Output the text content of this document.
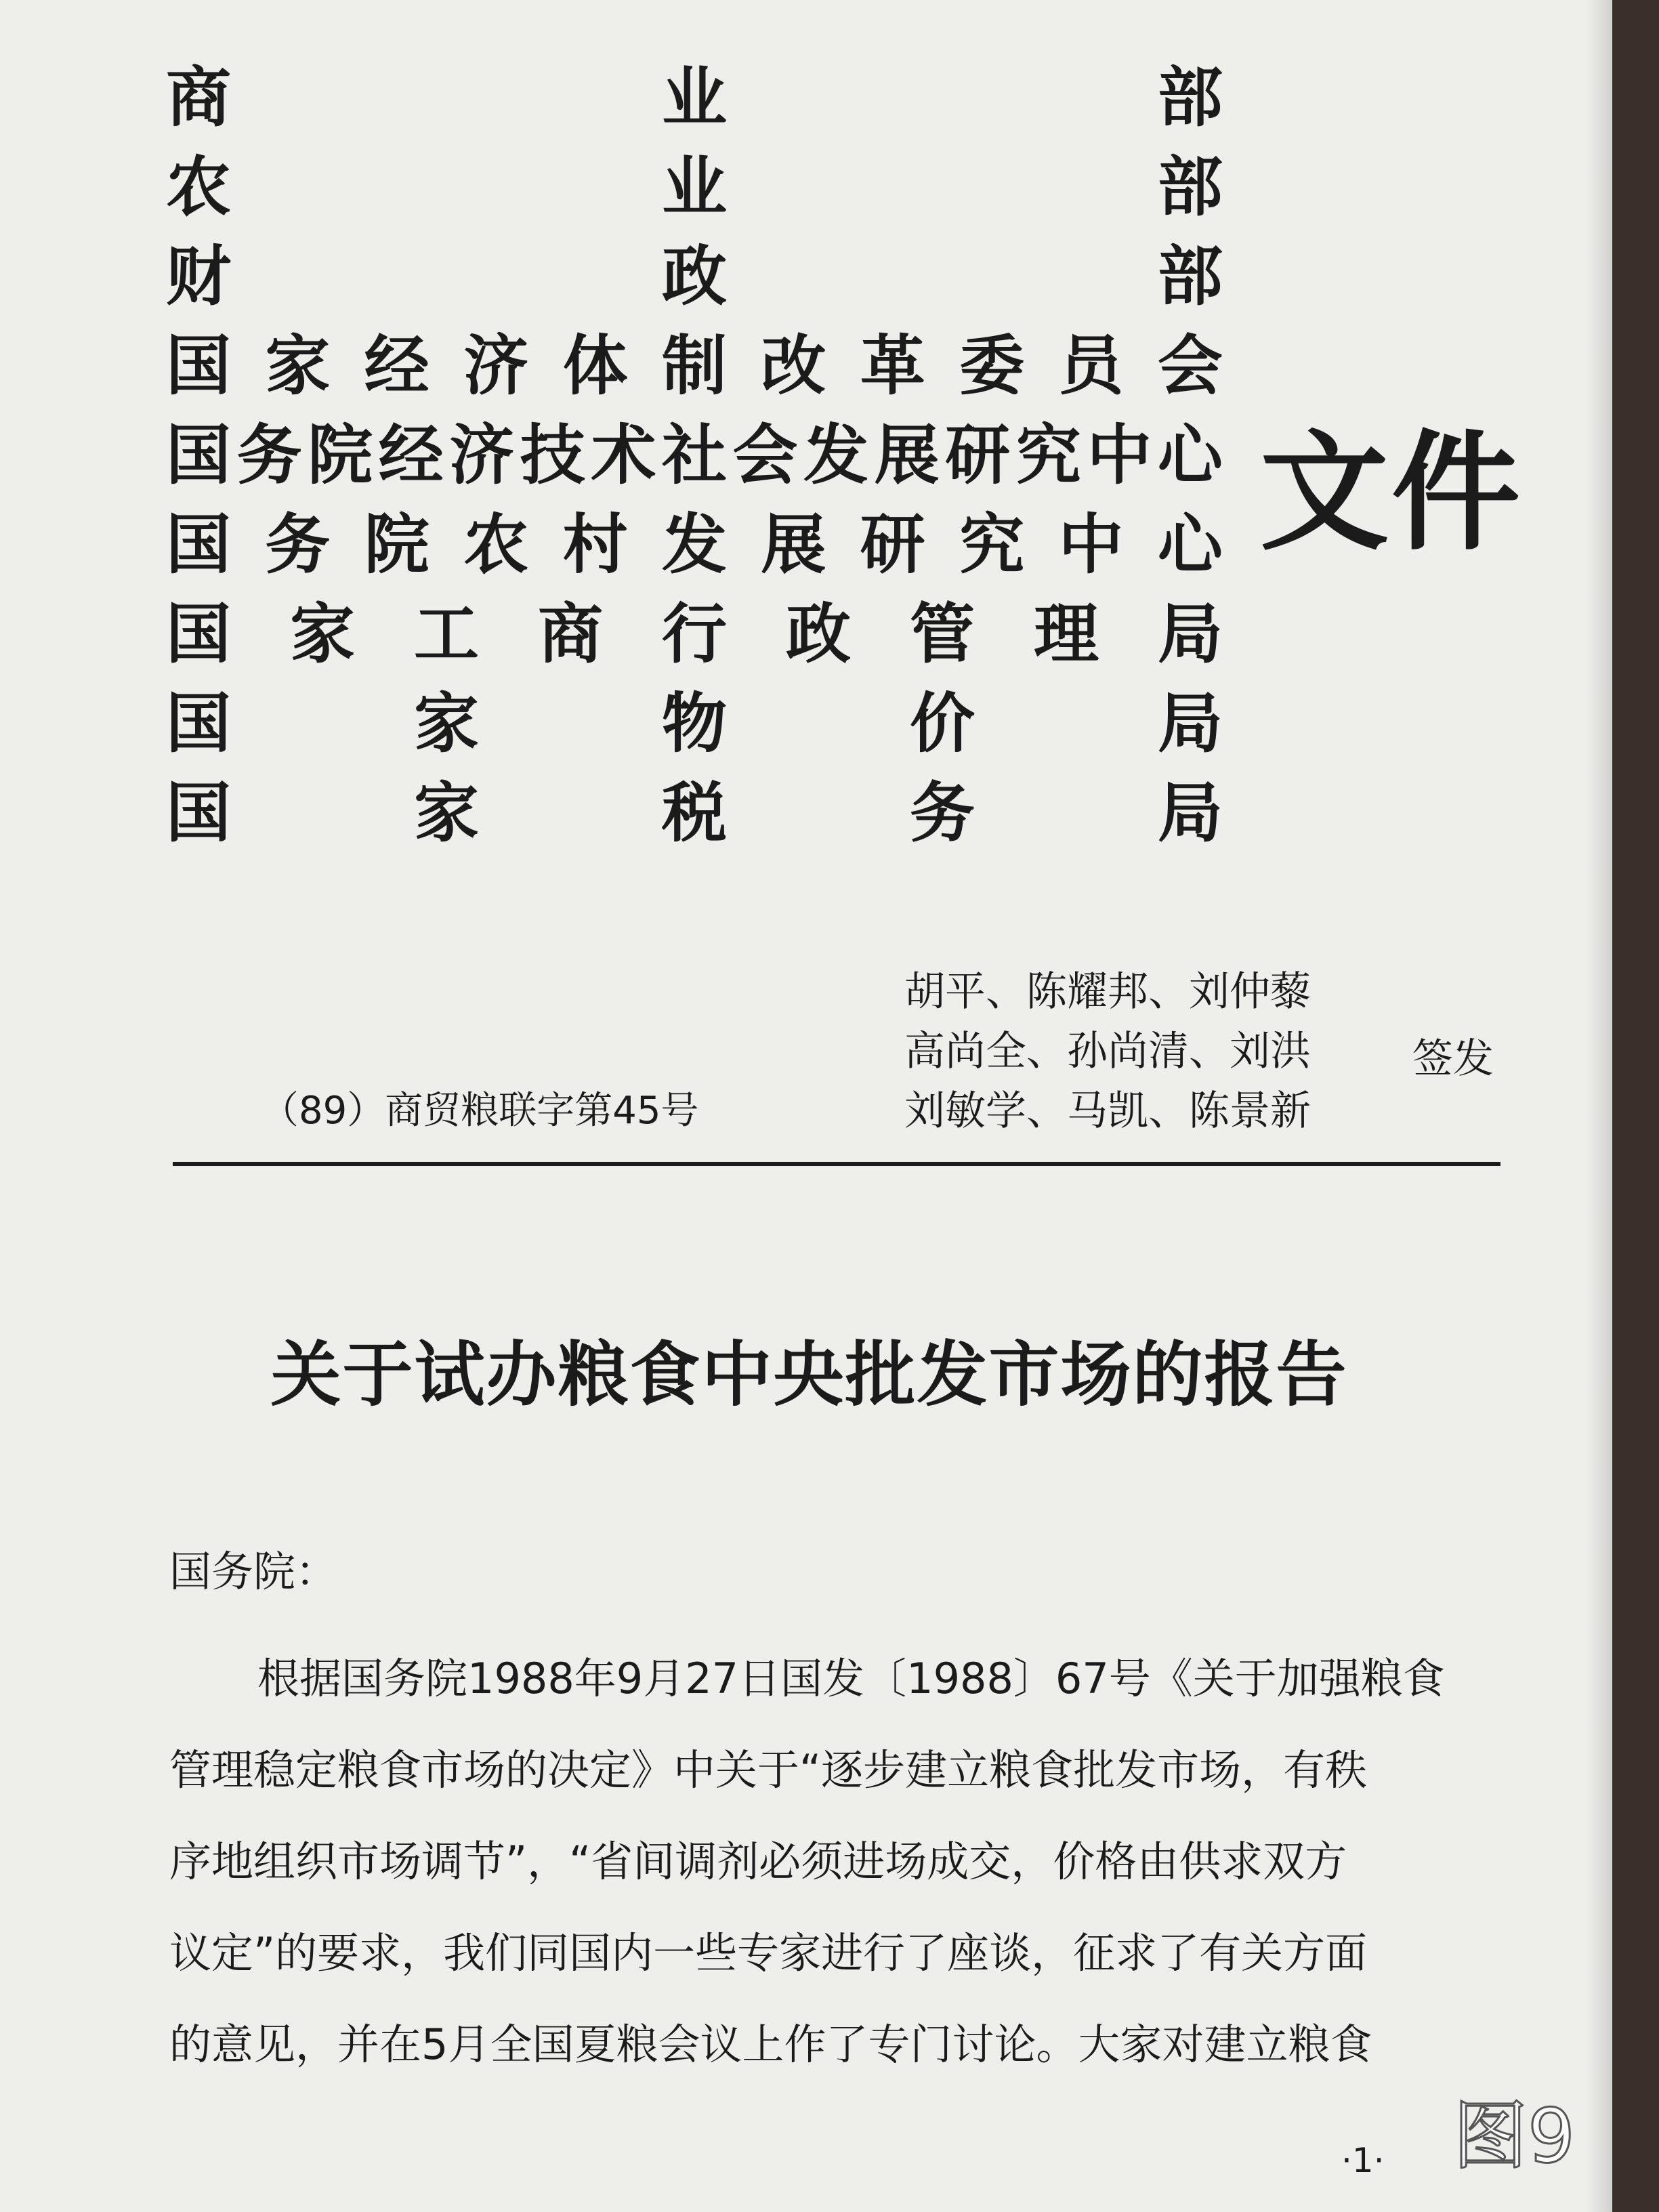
商	业	部
农	业	部
财	政	部
国 家 经 济 体 制 改 革 委 员 会
国 务 院 经 济 技 术 社 会 发 展 研 究 中 心
国 务 院 农 村 发 展 研 究 中 心
国 家 工 商 行 政 管 理 局
国	家	物	价	局
国	家	税	务	局
文件
胡平、陈耀邦、刘仲藜
高尚全、孙尚清、刘洪
刘敏学、马凯、陈景新
签发
（89）商贸粮联字第45号
关于试办粮食中央批发市场的报告
国务院：
根据国务院1988年9月27日国发〔1988〕67号《关于加强粮食
管理稳定粮食市场的决定》中关于“逐步建立粮食批发市场，有秩
序地组织市场调节”，“省间调剂必须进场成交，价格由供求双方
议定”的要求，我们同国内一些专家进行了座谈，征求了有关方面
的意见，并在5月全国夏粮会议上作了专门讨论。大家对建立粮食
·1· 图9
